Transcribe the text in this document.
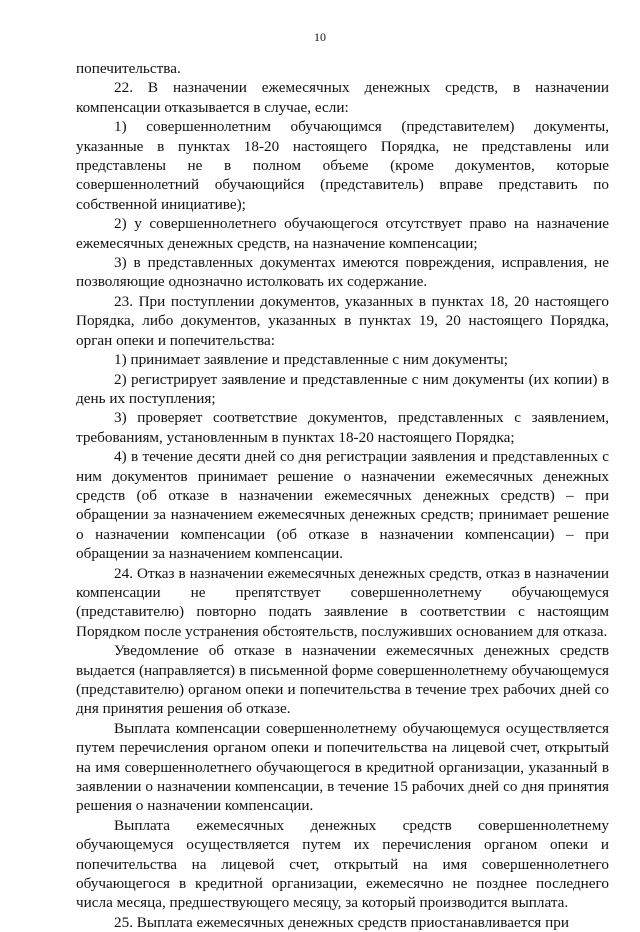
10

попечительства.

22. В назначении ежемесячных денежных средств, в назначении компенсации отказывается в случае, если:

1) совершеннолетним обучающимся (представителем) документы, указанные в пунктах 18-20 настоящего Порядка, не представлены или представлены не в полном объеме (кроме документов, которые совершеннолетний обучающийся (представитель) вправе представить по собственной инициативе);

2) у совершеннолетнего обучающегося отсутствует право на назначение ежемесячных денежных средств, на назначение компенсации;

3) в представленных документах имеются повреждения, исправления, не позволяющие однозначно истолковать их содержание.

23. При поступлении документов, указанных в пунктах 18, 20 настоящего Порядка, либо документов, указанных в пунктах 19, 20 настоящего Порядка, орган опеки и попечительства:

1) принимает заявление и представленные с ним документы;

2) регистрирует заявление и представленные с ним документы (их копии) в день их поступления;

3) проверяет соответствие документов, представленных с заявлением, требованиям, установленным в пунктах 18-20 настоящего Порядка;

4) в течение десяти дней со дня регистрации заявления и представленных с ним документов принимает решение о назначении ежемесячных денежных средств (об отказе в назначении ежемесячных денежных средств) – при обращении за назначением ежемесячных денежных средств; принимает решение о назначении компенсации (об отказе в назначении компенсации) – при обращении за назначением компенсации.

24. Отказ в назначении ежемесячных денежных средств, отказ в назначении компенсации не препятствует совершеннолетнему обучающемуся (представителю) повторно подать заявление в соответствии с настоящим Порядком после устранения обстоятельств, послуживших основанием для отказа.

Уведомление об отказе в назначении ежемесячных денежных средств выдается (направляется) в письменной форме совершеннолетнему обучающемуся (представителю) органом опеки и попечительства в течение трех рабочих дней со дня принятия решения об отказе.

Выплата компенсации совершеннолетнему обучающемуся осуществляется путем перечисления органом опеки и попечительства на лицевой счет, открытый на имя совершеннолетнего обучающегося в кредитной организации, указанный в заявлении о назначении компенсации, в течение 15 рабочих дней со дня принятия решения о назначении компенсации.

Выплата ежемесячных денежных средств совершеннолетнему обучающемуся осуществляется путем их перечисления органом опеки и попечительства на лицевой счет, открытый на имя совершеннолетнего обучающегося в кредитной организации, ежемесячно не позднее последнего числа месяца, предшествующего месяцу, за который производится выплата.

25. Выплата ежемесячных денежных средств приостанавливается при
